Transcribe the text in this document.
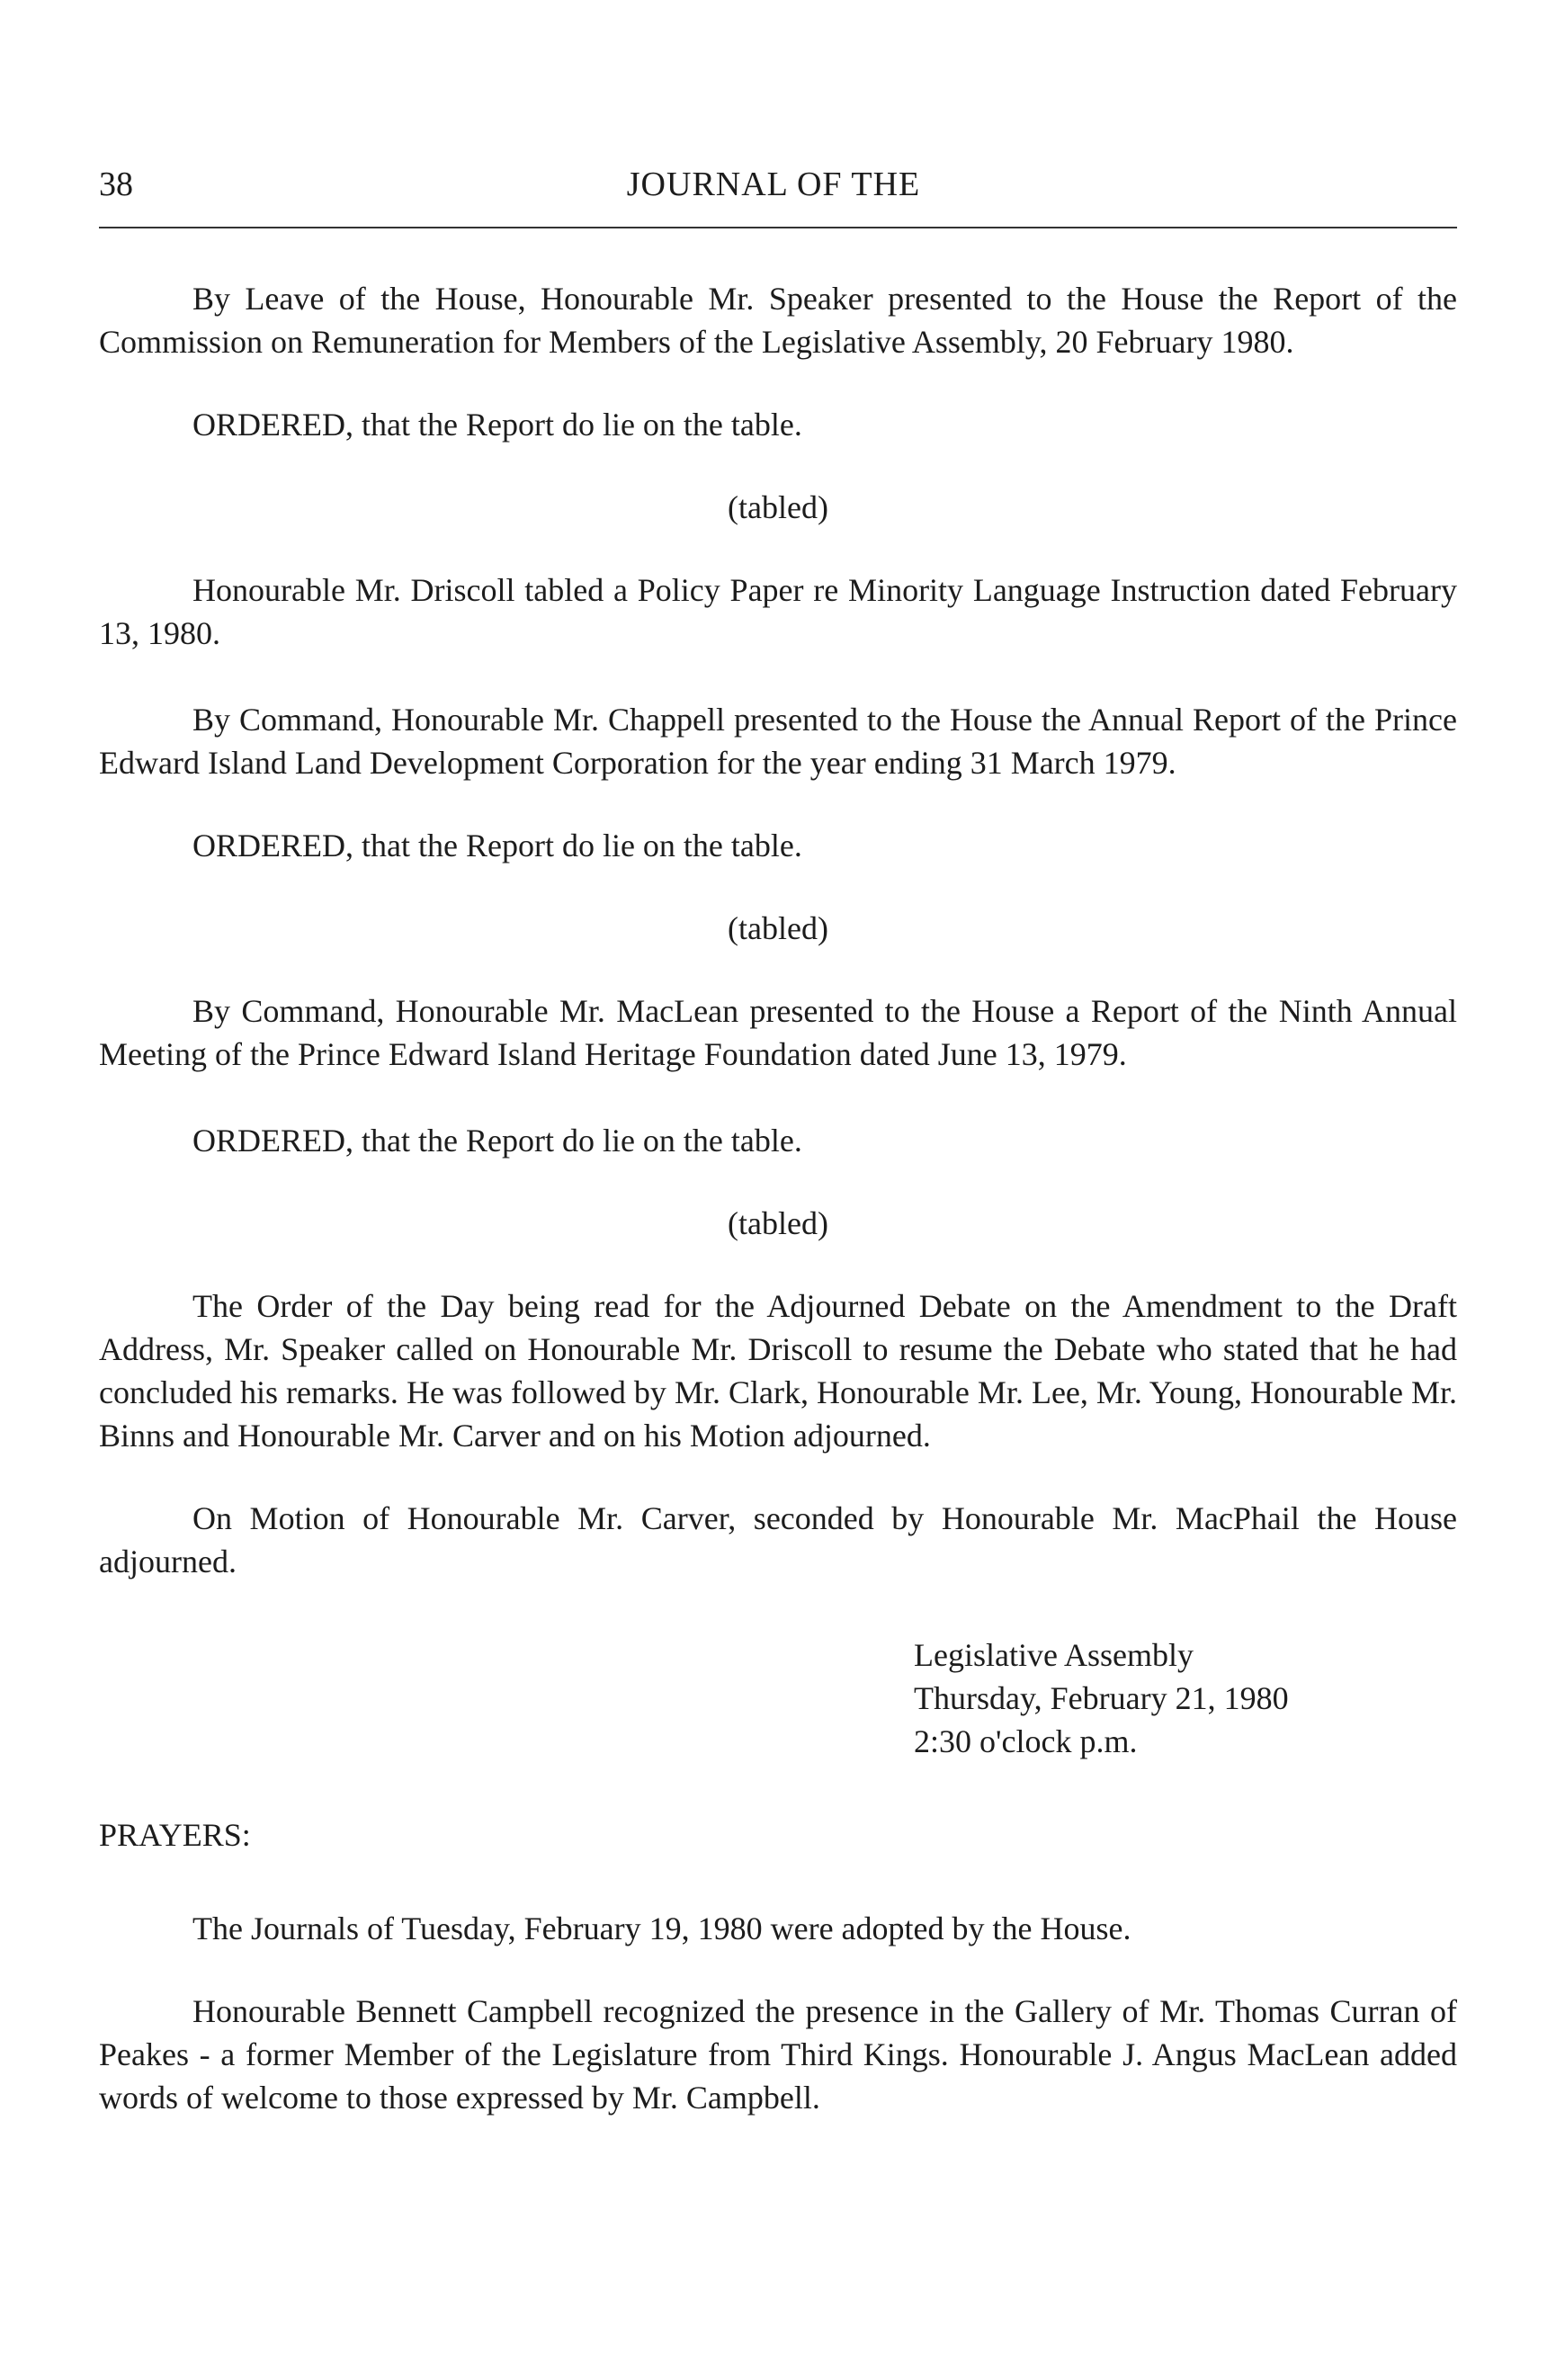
38	JOURNAL OF THE

By Leave of the House, Honourable Mr. Speaker presented to the House the Report of the Commission on Remuneration for Members of the Legislative Assembly, 20 February 1980.

ORDERED, that the Report do lie on the table.

(tabled)

Honourable Mr. Driscoll tabled a Policy Paper re Minority Language Instruction dated February 13, 1980.

By Command, Honourable Mr. Chappell presented to the House the Annual Report of the Prince Edward Island Land Development Corporation for the year ending 31 March 1979.

ORDERED, that the Report do lie on the table.

(tabled)

By Command, Honourable Mr. MacLean presented to the House a Report of the Ninth Annual Meeting of the Prince Edward Island Heritage Foundation dated June 13, 1979.

ORDERED, that the Report do lie on the table.

(tabled)

The Order of the Day being read for the Adjourned Debate on the Amendment to the Draft Address, Mr. Speaker called on Honourable Mr. Driscoll to resume the Debate who stated that he had concluded his remarks. He was followed by Mr. Clark, Honourable Mr. Lee, Mr. Young, Honourable Mr. Binns and Honourable Mr. Carver and on his Motion adjourned.

On Motion of Honourable Mr. Carver, seconded by Honourable Mr. MacPhail the House adjourned.

Legislative Assembly

Thursday, February 21, 1980

2:30 o'clock p.m.

PRAYERS:

The Journals of Tuesday, February 19, 1980 were adopted by the House.

Honourable Bennett Campbell recognized the presence in the Gallery of Mr. Thomas Curran of Peakes - a former Member of the Legislature from Third Kings. Honourable J. Angus MacLean added words of welcome to those expressed by Mr. Campbell.
